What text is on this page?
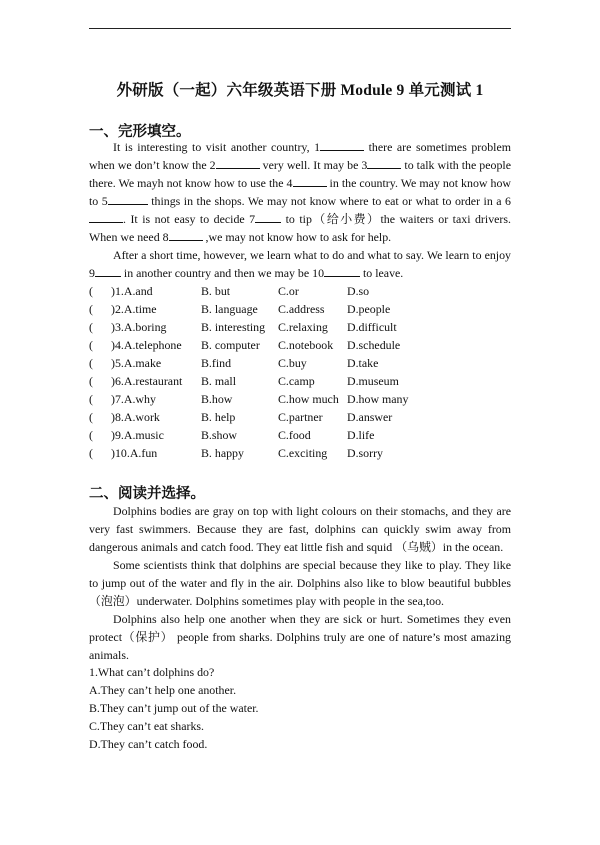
外研版（一起）六年级英语下册 Module 9 单元测试 1
一、完形填空。

It is interesting to visit another country, 1	there are sometimes problem when we don’t know the 2	very well. It may be 3	to talk with the people there. We mayh not know how to use the 4	in the country. We may not know how to 5	things in the shops. We may not know where to eat or what to order in a 6. It is not easy to decide 7 to tip（给小费）the waiters or taxi drivers. When we need 8	,we may not know how to ask for help.

After a short time, however, we learn what to do and what to say. We learn to enjoy 9 in another country and then we may be 10	to leave.

( )1.A.and	B. but	C.or	D.so
( )2.A.time	B. language C.address D.people
( )3.A.boring	B. interesting C.relaxing D.difficult
( )4.A.telephone B. computer C.notebook D.schedule
( )5.A.make	B.find	C.buy	D.take
( )6.A.restaurant B. mall	C.camp	D.museum
( )7.A.why	B.how	C.how much D.how many
( )8.A.work	B. help	C.partner D.answer
( )9.A.music	B.show	C.food	D.life
( )10.A.fun	B. happy	C.exciting D.sorry
二、阅读并选择。

Dolphins bodies are gray on top with light colours on their stomachs, and they are very fast swimmers. Because they are fast, dolphins can quickly swim away from dangerous animals and catch food. They eat little fish and squid （乌贼）in the ocean.

Some scientists think that dolphins are special because they like to play. They like to jump out of the water and fly in the air. Dolphins also like to blow beautiful bubbles（泡泡）underwater. Dolphins sometimes play with people in the sea,too.

Dolphins also help one another when they are sick or hurt. Sometimes they even protect（保护） people from sharks. Dolphins truly are one of nature’s most amazing animals.

1.What can’t dolphins do?
A.They can’t help one another.
B.They can’t jump out of the water.
C.They can’t eat sharks.
D.They can’t catch food.
